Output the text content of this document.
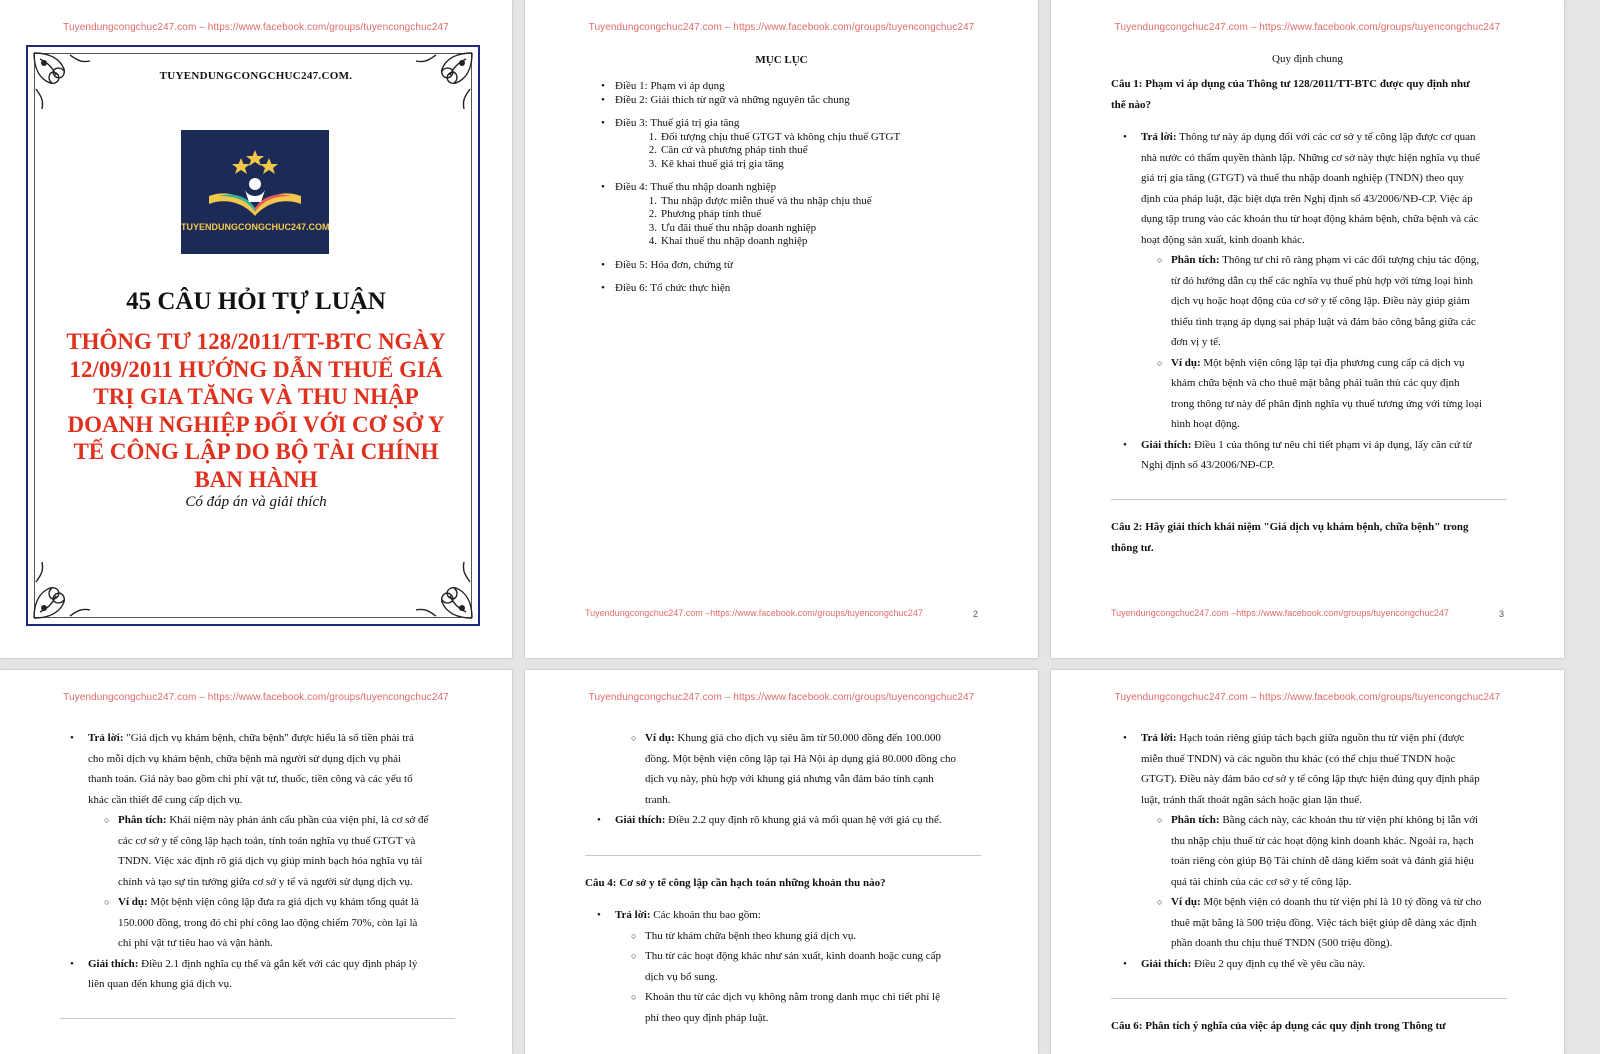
Tuyendungcongchuc247.com – https://www.facebook.com/groups/tuyencongchuc247
TUYENDUNGCONGCHUC247.COM.
TUYENDUNGCONGCHUC247.COM
45 CÂU HỎI TỰ LUẬN
THÔNG TƯ 128/2011/TT-BTC NGÀY
12/09/2011 HƯỚNG DẪN THUẾ GIÁ
TRỊ GIA TĂNG VÀ THU NHẬP
DOANH NGHIỆP ĐỐI VỚI CƠ SỞ Y
TẾ CÔNG LẬP DO BỘ TÀI CHÍNH
BAN HÀNH
Có đáp án và giải thích
Tuyendungcongchuc247.com – https://www.facebook.com/groups/tuyencongchuc247
MỤC LỤC
• Điều 1: Phạm vi áp dụng
• Điều 2: Giải thích từ ngữ và những nguyên tắc chung
• Điều 3: Thuế giá trị gia tăng
1. Đối tượng chịu thuế GTGT và không chịu thuế GTGT
2. Căn cứ và phương pháp tính thuế
3. Kê khai thuế giá trị gia tăng
• Điều 4: Thuế thu nhập doanh nghiệp
1. Thu nhập được miễn thuế và thu nhập chịu thuế
2. Phương pháp tính thuế
3. Ưu đãi thuế thu nhập doanh nghiệp
4. Khai thuế thu nhập doanh nghiệp
• Điều 5: Hóa đơn, chứng từ
• Điều 6: Tổ chức thực hiện
Tuyendungcongchuc247.com –https://www.facebook.com/groups/tuyencongchuc247	2
Tuyendungcongchuc247.com – https://www.facebook.com/groups/tuyencongchuc247
Quy định chung
Câu 1: Phạm vi áp dụng của Thông tư 128/2011/TT-BTC được quy định như
thế nào?
• Trả lời: Thông tư này áp dụng đối với các cơ sở y tế công lập được cơ quan
nhà nước có thẩm quyền thành lập. Những cơ sở này thực hiện nghĩa vụ thuế
giá trị gia tăng (GTGT) và thuế thu nhập doanh nghiệp (TNDN) theo quy
định của pháp luật, đặc biệt dựa trên Nghị định số 43/2006/NĐ-CP. Việc áp
dụng tập trung vào các khoản thu từ hoạt động khám bệnh, chữa bệnh và các
hoạt động sản xuất, kinh doanh khác.
○ Phân tích: Thông tư chỉ rõ ràng phạm vi các đối tượng chịu tác động,
từ đó hướng dẫn cụ thể các nghĩa vụ thuế phù hợp với từng loại hình
dịch vụ hoặc hoạt động của cơ sở y tế công lập. Điều này giúp giảm
thiểu tình trạng áp dụng sai pháp luật và đảm bảo công bằng giữa các
đơn vị y tế.
○ Ví dụ: Một bệnh viện công lập tại địa phương cung cấp cả dịch vụ
khám chữa bệnh và cho thuê mặt bằng phải tuân thủ các quy định
trong thông tư này để phân định nghĩa vụ thuế tương ứng với từng loại
hình hoạt động.
• Giải thích: Điều 1 của thông tư nêu chi tiết phạm vi áp dụng, lấy căn cứ từ
Nghị định số 43/2006/NĐ-CP.
Câu 2: Hãy giải thích khái niệm "Giá dịch vụ khám bệnh, chữa bệnh" trong
thông tư.
Tuyendungcongchuc247.com –https://www.facebook.com/groups/tuyencongchuc247	3
Tuyendungcongchuc247.com – https://www.facebook.com/groups/tuyencongchuc247
• Trả lời: "Giá dịch vụ khám bệnh, chữa bệnh" được hiểu là số tiền phải trả
cho mỗi dịch vụ khám bệnh, chữa bệnh mà người sử dụng dịch vụ phải
thanh toán. Giá này bao gồm chi phí vật tư, thuốc, tiền công và các yếu tố
khác cần thiết để cung cấp dịch vụ.
○ Phân tích: Khái niệm này phản ánh cấu phần của viện phí, là cơ sở để
các cơ sở y tế công lập hạch toán, tính toán nghĩa vụ thuế GTGT và
TNDN. Việc xác định rõ giá dịch vụ giúp minh bạch hóa nghĩa vụ tài
chính và tạo sự tin tưởng giữa cơ sở y tế và người sử dụng dịch vụ.
○ Ví dụ: Một bệnh viện công lập đưa ra giá dịch vụ khám tổng quát là
150.000 đồng, trong đó chi phí công lao động chiếm 70%, còn lại là
chi phí vật tư tiêu hao và vận hành.
• Giải thích: Điều 2.1 định nghĩa cụ thể và gắn kết với các quy định pháp lý
liên quan đến khung giá dịch vụ.
Tuyendungcongchuc247.com – https://www.facebook.com/groups/tuyencongchuc247
○ Ví dụ: Khung giá cho dịch vụ siêu âm từ 50.000 đồng đến 100.000
đồng. Một bệnh viện công lập tại Hà Nội áp dụng giá 80.000 đồng cho
dịch vụ này, phù hợp với khung giá nhưng vẫn đảm bảo tính cạnh
tranh.
• Giải thích: Điều 2.2 quy định rõ khung giá và mối quan hệ với giá cụ thể.
Câu 4: Cơ sở y tế công lập cần hạch toán những khoản thu nào?
• Trả lời: Các khoản thu bao gồm:
○ Thu từ khám chữa bệnh theo khung giá dịch vụ.
○ Thu từ các hoạt động khác như sản xuất, kinh doanh hoặc cung cấp
dịch vụ bổ sung.
○ Khoản thu từ các dịch vụ không nằm trong danh mục chi tiết phí lệ
phí theo quy định pháp luật.
Tuyendungcongchuc247.com – https://www.facebook.com/groups/tuyencongchuc247
• Trả lời: Hạch toán riêng giúp tách bạch giữa nguồn thu từ viện phí (được
miễn thuế TNDN) và các nguồn thu khác (có thể chịu thuế TNDN hoặc
GTGT). Điều này đảm bảo cơ sở y tế công lập thực hiện đúng quy định pháp
luật, tránh thất thoát ngân sách hoặc gian lận thuế.
○ Phân tích: Bằng cách này, các khoản thu từ viện phí không bị lẫn với
thu nhập chịu thuế từ các hoạt động kinh doanh khác. Ngoài ra, hạch
toán riêng còn giúp Bộ Tài chính dễ dàng kiểm soát và đánh giá hiệu
quả tài chính của các cơ sở y tế công lập.
○ Ví dụ: Một bệnh viện có doanh thu từ viện phí là 10 tỷ đồng và từ cho
thuê mặt bằng là 500 triệu đồng. Việc tách biệt giúp dễ dàng xác định
phần doanh thu chịu thuế TNDN (500 triệu đồng).
• Giải thích: Điều 2 quy định cụ thể về yêu cầu này.
Câu 6: Phân tích ý nghĩa của việc áp dụng các quy định trong Thông tư
